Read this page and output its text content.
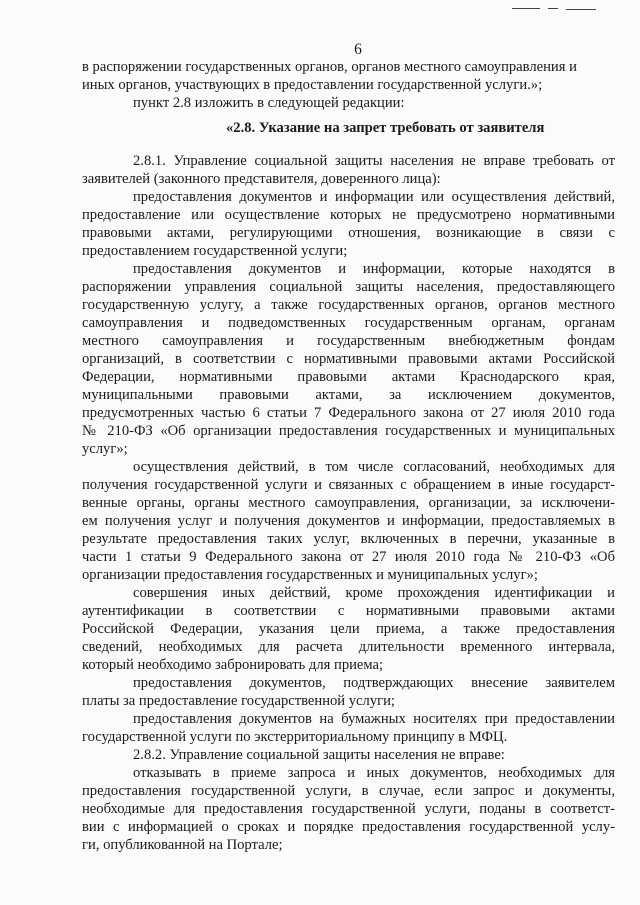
6
в распоряжении государственных органов, органов местного самоуправления и
иных органов, участвующих в предоставлении государственной услуги.»;
пункт 2.8 изложить в следующей редакции:
«2.8. Указание на запрет требовать от заявителя
2.8.1. Управление социальной защиты населения не вправе требовать от
заявителей (законного представителя, доверенного лица):
предоставления документов и информации или осуществления действий,
предоставление или осуществление которых не предусмотрено нормативными
правовыми актами, регулирующими отношения, возникающие в связи с
предоставлением государственной услуги;
предоставления документов и информации, которые находятся в
распоряжении управления социальной защиты населения, предоставляющего
государственную услугу, а также государственных органов, органов местного
самоуправления и подведомственных государственным органам, органам
местного самоуправления и государственным внебюджетным фондам
организаций, в соответствии с нормативными правовыми актами Российской
Федерации, нормативными правовыми актами Краснодарского края,
муниципальными правовыми актами, за исключением документов,
предусмотренных частью 6 статьи 7 Федерального закона от 27 июля 2010 года
№ 210-ФЗ «Об организации предоставления государственных и муниципальных
услуг»;
осуществления действий, в том числе согласований, необходимых для
получения государственной услуги и связанных с обращением в иные государст-
венные органы, органы местного самоуправления, организации, за исключени-
ем получения услуг и получения документов и информации, предоставляемых в
результате предоставления таких услуг, включенных в перечни, указанные в
части 1 статьи 9 Федерального закона от 27 июля 2010 года № 210-ФЗ «Об
организации предоставления государственных и муниципальных услуг»;
совершения иных действий, кроме прохождения идентификации и
аутентификации в соответствии с нормативными правовыми актами
Российской Федерации, указания цели приема, а также предоставления
сведений, необходимых для расчета длительности временного интервала,
который необходимо забронировать для приема;
предоставления документов, подтверждающих внесение заявителем
платы за предоставление государственной услуги;
предоставления документов на бумажных носителях при предоставлении
государственной услуги по экстерриториальному принципу в МФЦ.
2.8.2. Управление социальной защиты населения не вправе:
отказывать в приеме запроса и иных документов, необходимых для
предоставления государственной услуги, в случае, если запрос и документы,
необходимые для предоставления государственной услуги, поданы в соответст-
вии с информацией о сроках и порядке предоставления государственной услу-
ги, опубликованной на Портале;
